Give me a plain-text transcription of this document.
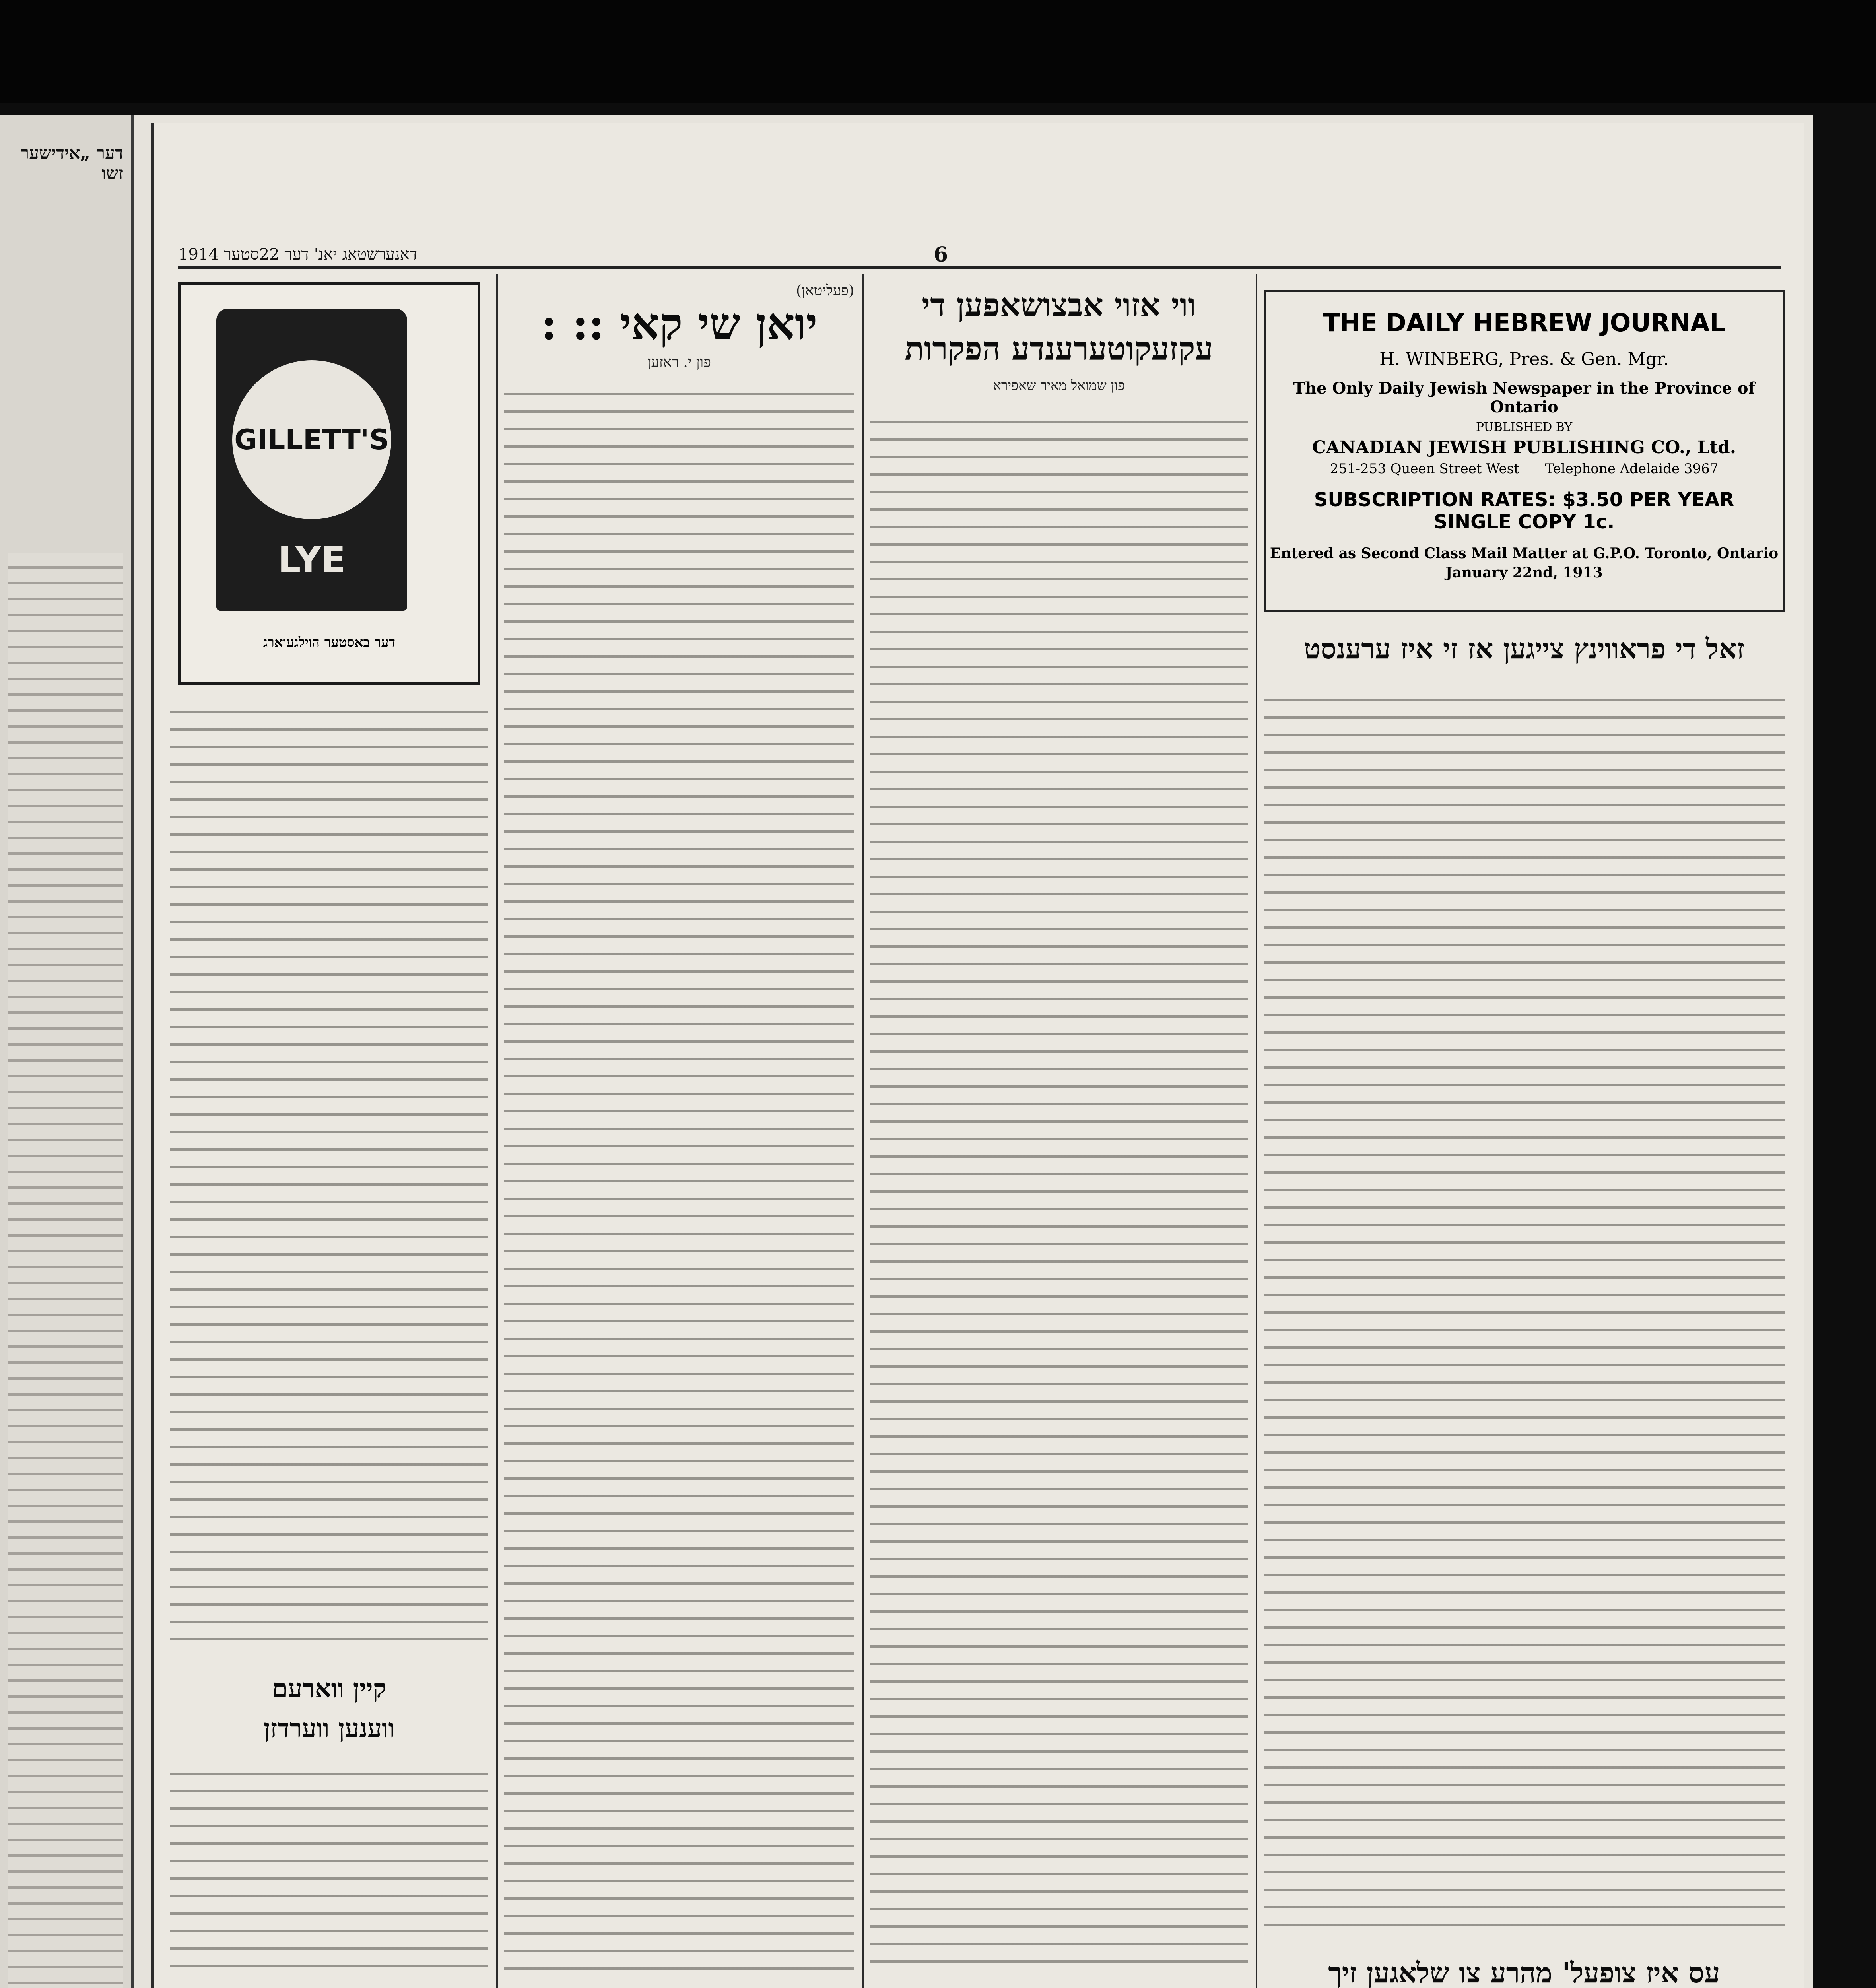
דער „אידישער זשו
דאנערשטאג יאנ' דער 22סטער 1914	6
GILLETT'S
LYE
דער באסטער הוילגעוארג
קיין ווארעם
ווענען ווערדזן
(פעליטאן)
יואן שי קאי :: :
פון י. ראזען
ווי אזוי אבצושאפען די
עקזעקוטערענדע הפקרות
פון שמואל מאיר שאפירא
THE DAILY HEBREW JOURNAL
H. WINBERG, Pres. & Gen. Mgr.
The Only Daily Jewish Newspaper in the Province of Ontario
PUBLISHED BY
CANADIAN JEWISH PUBLISHING CO., Ltd.
251-253 Queen Street West Telephone Adelaide 3967
SUBSCRIPTION RATES: $3.50 PER YEAR
SINGLE COPY 1c.
Entered as Second Class Mail Matter at G.P.O. Toronto, Ontario
January 22nd, 1913
זאל די פראווינץ צייגען אז זי איז ערענסט
עס איז צופעל' מהרע צו שלאגען זיך
